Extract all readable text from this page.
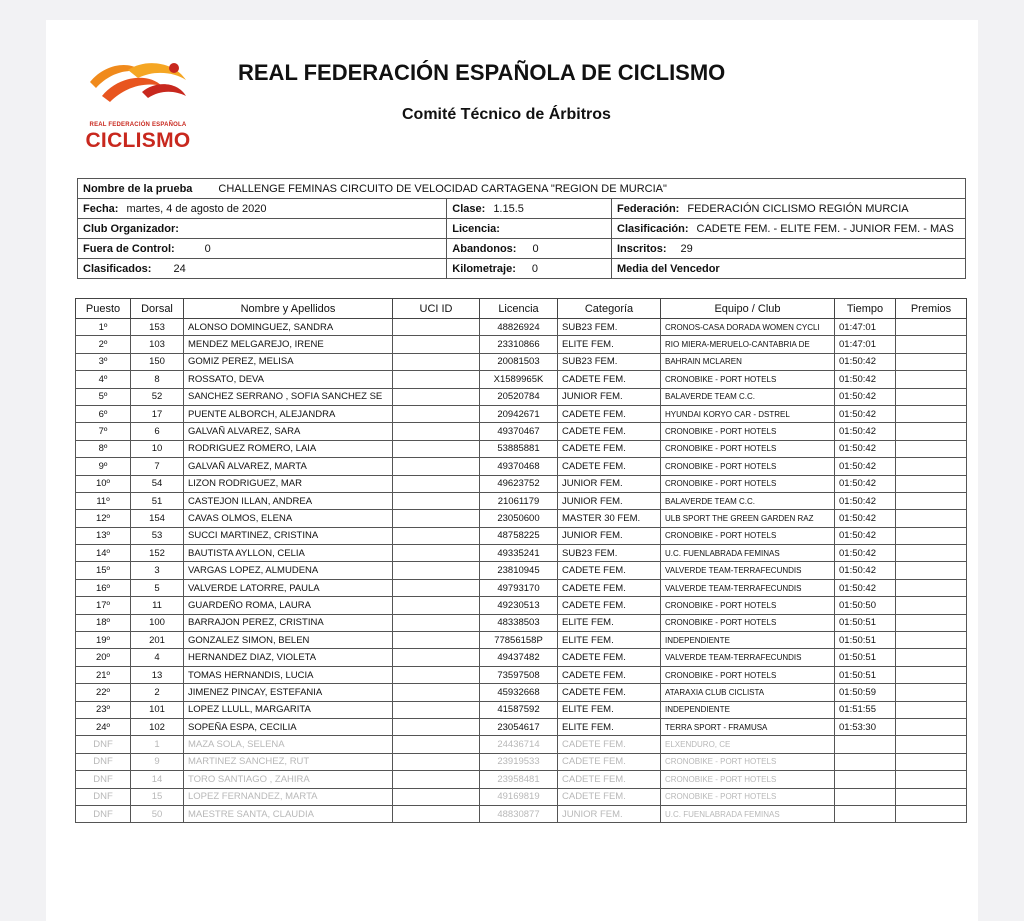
REAL FEDERACIÓN ESPAÑOLA
CICLISMO
REAL FEDERACIÓN ESPAÑOLA DE CICLISMO
Comité Técnico de Árbitros
Nombre de la prueba CHALLENGE FEMINAS CIRCUITO DE VELOCIDAD CARTAGENA "REGION DE MURCIA"		
Fecha: martes, 4 de agosto de 2020	Clase: 1.15.5	Federación: FEDERACIÓN CICLISMO REGIÓN MURCIA
Club Organizador:	Licencia:	Clasificación: CADETE FEM. - ELITE FEM. - JUNIOR FEM. - MAS
Fuera de Control: 0	Abandonos: 0	Inscritos: 29
Clasificados: 24	Kilometraje: 0	Media del Vencedor
Puesto	Dorsal	Nombre y Apellidos	UCI ID	Licencia	Categoría	Equipo / Club	Tiempo	Premios
1º	153	ALONSO DOMINGUEZ, SANDRA		48826924	SUB23 FEM.	CRONOS-CASA DORADA WOMEN CYCLI	01:47:01	
2º	103	MENDEZ MELGAREJO, IRENE		23310866	ELITE FEM.	RIO MIERA-MERUELO-CANTABRIA DE	01:47:01	
3º	150	GOMIZ PEREZ, MELISA		20081503	SUB23 FEM.	BAHRAIN MCLAREN	01:50:42	
4º	8	ROSSATO, DEVA		X1589965K	CADETE FEM.	CRONOBIKE - PORT HOTELS	01:50:42	
5º	52	SANCHEZ SERRANO , SOFIA SANCHEZ SE		20520784	JUNIOR FEM.	BALAVERDE TEAM C.C.	01:50:42	
6º	17	PUENTE ALBORCH, ALEJANDRA		20942671	CADETE FEM.	HYUNDAI KORYO CAR - DSTREL	01:50:42	
7º	6	GALVAÑ ALVAREZ, SARA		49370467	CADETE FEM.	CRONOBIKE - PORT HOTELS	01:50:42	
8º	10	RODRIGUEZ ROMERO, LAIA		53885881	CADETE FEM.	CRONOBIKE - PORT HOTELS	01:50:42	
9º	7	GALVAÑ ALVAREZ, MARTA		49370468	CADETE FEM.	CRONOBIKE - PORT HOTELS	01:50:42	
10º	54	LIZON RODRIGUEZ, MAR		49623752	JUNIOR FEM.	CRONOBIKE - PORT HOTELS	01:50:42	
11º	51	CASTEJON ILLAN, ANDREA		21061179	JUNIOR FEM.	BALAVERDE TEAM C.C.	01:50:42	
12º	154	CAVAS OLMOS, ELENA		23050600	MASTER 30 FEM.	ULB SPORT THE GREEN GARDEN RAZ	01:50:42	
13º	53	SUCCI MARTINEZ, CRISTINA		48758225	JUNIOR FEM.	CRONOBIKE - PORT HOTELS	01:50:42	
14º	152	BAUTISTA AYLLON, CELIA		49335241	SUB23 FEM.	U.C. FUENLABRADA FEMINAS	01:50:42	
15º	3	VARGAS LOPEZ, ALMUDENA		23810945	CADETE FEM.	VALVERDE TEAM-TERRAFECUNDIS	01:50:42	
16º	5	VALVERDE LATORRE, PAULA		49793170	CADETE FEM.	VALVERDE TEAM-TERRAFECUNDIS	01:50:42	
17º	11	GUARDEÑO ROMA, LAURA		49230513	CADETE FEM.	CRONOBIKE - PORT HOTELS	01:50:50	
18º	100	BARRAJON PEREZ, CRISTINA		48338503	ELITE FEM.	CRONOBIKE - PORT HOTELS	01:50:51	
19º	201	GONZALEZ SIMON, BELEN		77856158P	ELITE FEM.	INDEPENDIENTE	01:50:51	
20º	4	HERNANDEZ DIAZ, VIOLETA		49437482	CADETE FEM.	VALVERDE TEAM-TERRAFECUNDIS	01:50:51	
21º	13	TOMAS HERNANDIS, LUCIA		73597508	CADETE FEM.	CRONOBIKE - PORT HOTELS	01:50:51	
22º	2	JIMENEZ PINCAY, ESTEFANIA		45932668	CADETE FEM.	ATARAXIA CLUB CICLISTA	01:50:59	
23º	101	LOPEZ LLULL, MARGARITA		41587592	ELITE FEM.	INDEPENDIENTE	01:51:55	
24º	102	SOPEÑA ESPA, CECILIA		23054617	ELITE FEM.	TERRA SPORT - FRAMUSA	01:53:30	
DNF	1	MAZA SOLA, SELENA		24436714	CADETE FEM.	ELXENDURO, CE		
DNF	9	MARTINEZ SANCHEZ, RUT		23919533	CADETE FEM.	CRONOBIKE - PORT HOTELS		
DNF	14	TORO SANTIAGO , ZAHIRA		23958481	CADETE FEM.	CRONOBIKE - PORT HOTELS		
DNF	15	LOPEZ FERNANDEZ, MARTA		49169819	CADETE FEM.	CRONOBIKE - PORT HOTELS		
DNF	50	MAESTRE SANTA, CLAUDIA		48830877	JUNIOR FEM.	U.C. FUENLABRADA FEMINAS		
